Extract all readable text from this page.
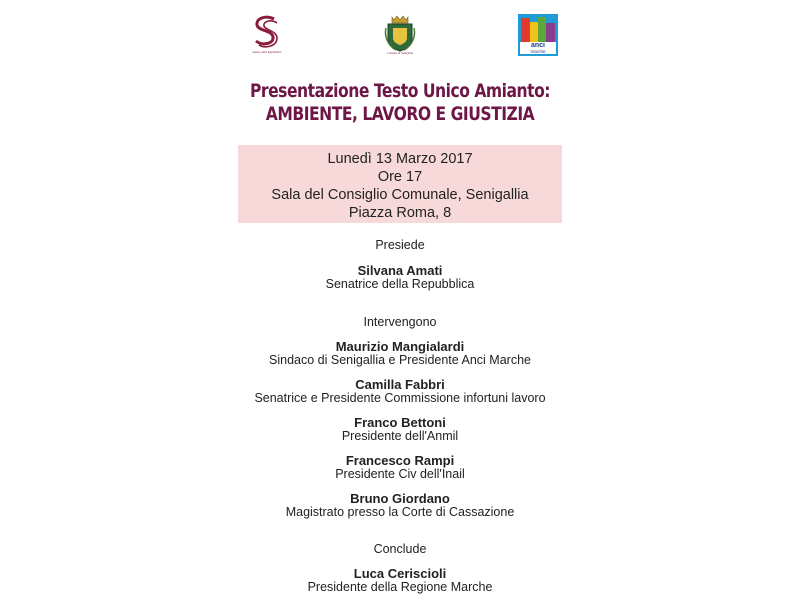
Senato della Repubblica	Comune di Senigallia
anci
marche
Presentazione Testo Unico Amianto:
AMBIENTE, LAVORO E GIUSTIZIA
Lunedì 13 Marzo 2017
Ore 17
Sala del Consiglio Comunale, Senigallia
Piazza Roma, 8
Presiede
Silvana Amati
Senatrice della Repubblica
Intervengono
Maurizio Mangialardi
Sindaco di Senigallia e Presidente Anci Marche
Camilla Fabbri
Senatrice e Presidente Commissione infortuni lavoro
Franco Bettoni
Presidente dell'Anmil
Francesco Rampi
Presidente Civ dell'Inail
Bruno Giordano
Magistrato presso la Corte di Cassazione
Conclude
Luca Ceriscioli
Presidente della Regione Marche
